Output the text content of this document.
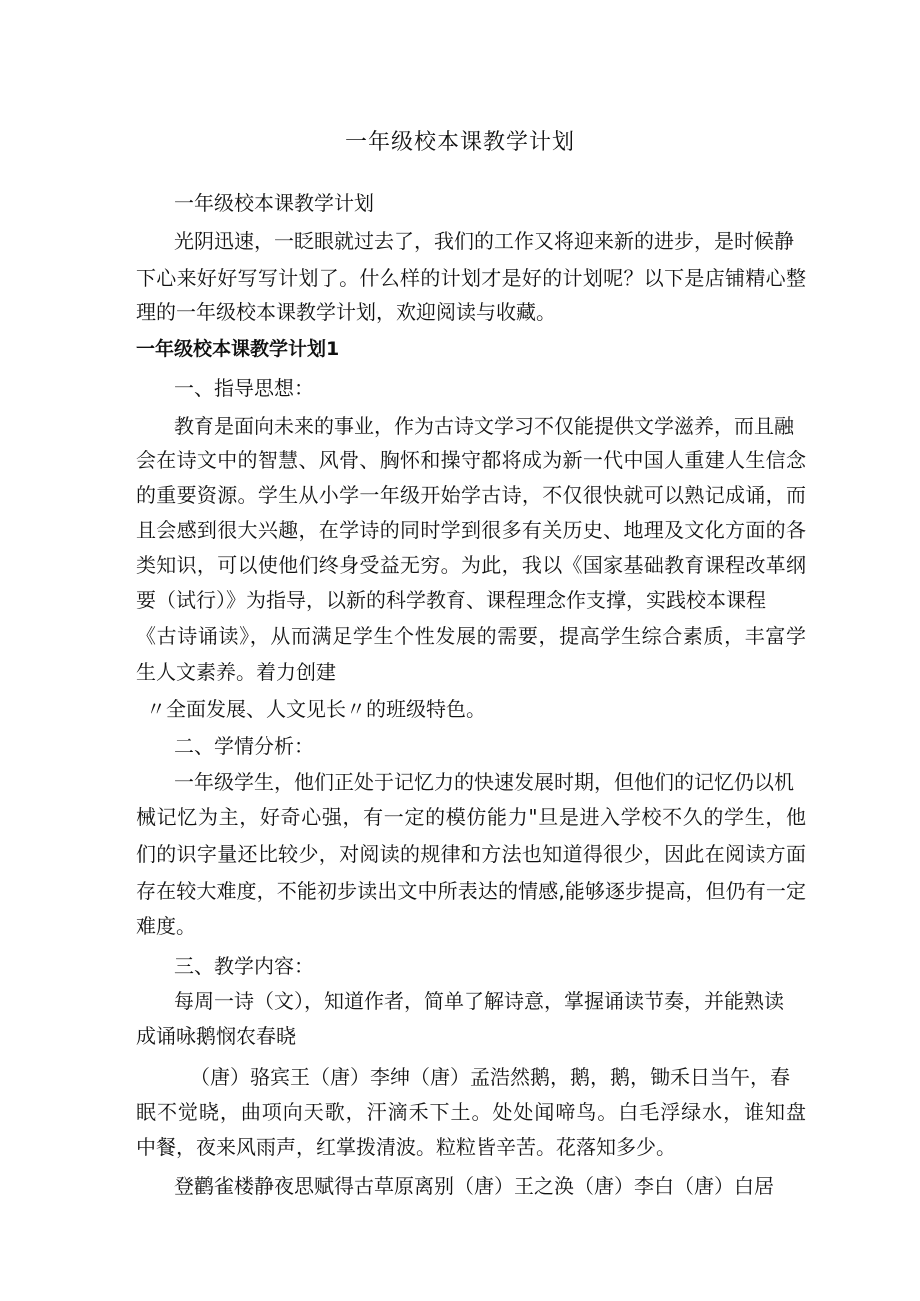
一年级校本课教学计划
一年级校本课教学计划
光阴迅速，一眨眼就过去了，我们的工作又将迎来新的进步，是时候静
下心来好好写写计划了。什么样的计划才是好的计划呢？以下是店铺精心整
理的一年级校本课教学计划，欢迎阅读与收藏。
一年级校本课教学计划1
一、指导思想：
教育是面向未来的事业，作为古诗文学习不仅能提供文学滋养，而且融
会在诗文中的智慧、风骨、胸怀和操守都将成为新一代中国人重建人生信念
的重要资源。学生从小学一年级开始学古诗，不仅很快就可以熟记成诵，而
且会感到很大兴趣，在学诗的同时学到很多有关历史、地理及文化方面的各
类知识，可以使他们终身受益无穷。为此，我以《国家基础教育课程改革纲
要（试行）》为指导，以新的科学教育、课程理念作支撑，实践校本课程
《古诗诵读》，从而满足学生个性发展的需要，提高学生综合素质，丰富学
生人文素养。着力创建
〃全面发展、人文见长〃的班级特色。
二、学情分析：
一年级学生，他们正处于记忆力的快速发展时期，但他们的记忆仍以机
械记忆为主，好奇心强，有一定的模仿能力"旦是进入学校不久的学生，他
们的识字量还比较少，对阅读的规律和方法也知道得很少，因此在阅读方面
存在较大难度，不能初步读出文中所表达的情感,能够逐步提高，但仍有一定
难度。
三、教学内容：
每周一诗（文），知道作者，简单了解诗意，掌握诵读节奏，并能熟读
成诵咏鹅悯农春晓
（唐）骆宾王（唐）李绅（唐）孟浩然鹅，鹅，鹅，锄禾日当午，春
眠不觉晓，曲项向天歌，汗滴禾下土。处处闻啼鸟。白毛浮绿水，谁知盘
中餐，夜来风雨声，红掌拨清波。粒粒皆辛苦。花落知多少。
登鹳雀楼静夜思赋得古草原离别（唐）王之涣（唐）李白（唐）白居
